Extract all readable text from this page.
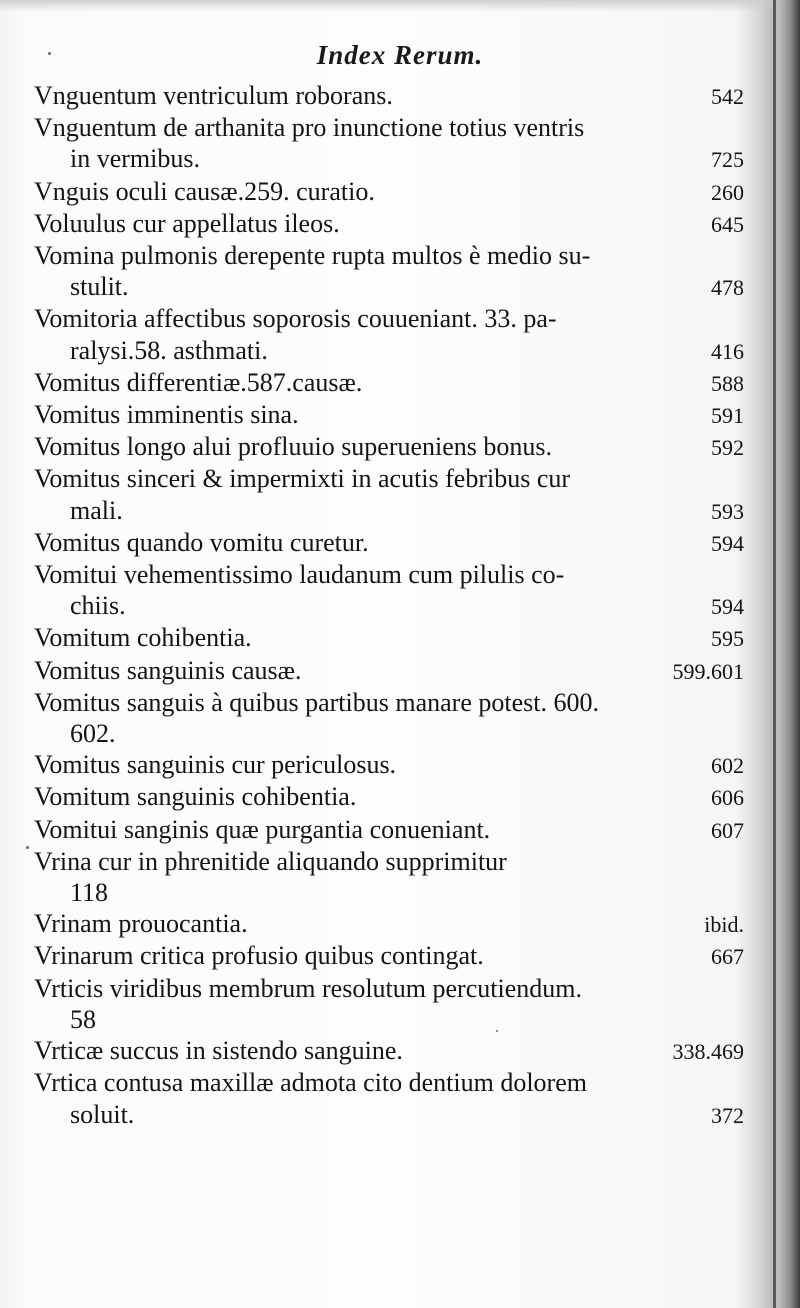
Index Rerum.
Vnguentum ventriculum roborans.	542
Vnguentum de arthanita pro inunctione totius ventris
in vermibus.	725
Vnguis oculi causæ.259. curatio.	260
Voluulus cur appellatus ileos.	645
Vomina pulmonis derepente rupta multos è medio su-
stulit.	478
Vomitoria affectibus soporosis couueniant. 33. pa-
ralysi.58. asthmati.	416
Vomitus differentiæ.587.causæ.	588
Vomitus imminentis sina.	591
Vomitus longo alui profluuio superueniens bonus.	592
Vomitus sinceri & impermixti in acutis febribus cur
mali.	593
Vomitus quando vomitu curetur.	594
Vomitui vehementissimo laudanum cum pilulis co-
chiis.	594
Vomitum cohibentia.	595
Vomitus sanguinis causæ.	599.601
Vomitus sanguis à quibus partibus manare potest. 600.
602.
Vomitus sanguinis cur periculosus.	602
Vomitum sanguinis cohibentia.	606
Vomitui sanginis quæ purgantia conueniant.	607
Vrina cur in phrenitide aliquando supprimitur
118
Vrinam prouocantia.	ibid.
Vrinarum critica profusio quibus contingat.	667
Vrticis viridibus membrum resolutum percutiendum.
58
Vrticæ succus in sistendo sanguine.	338.469
Vrtica contusa maxillæ admota cito dentium dolorem
soluit.	372
